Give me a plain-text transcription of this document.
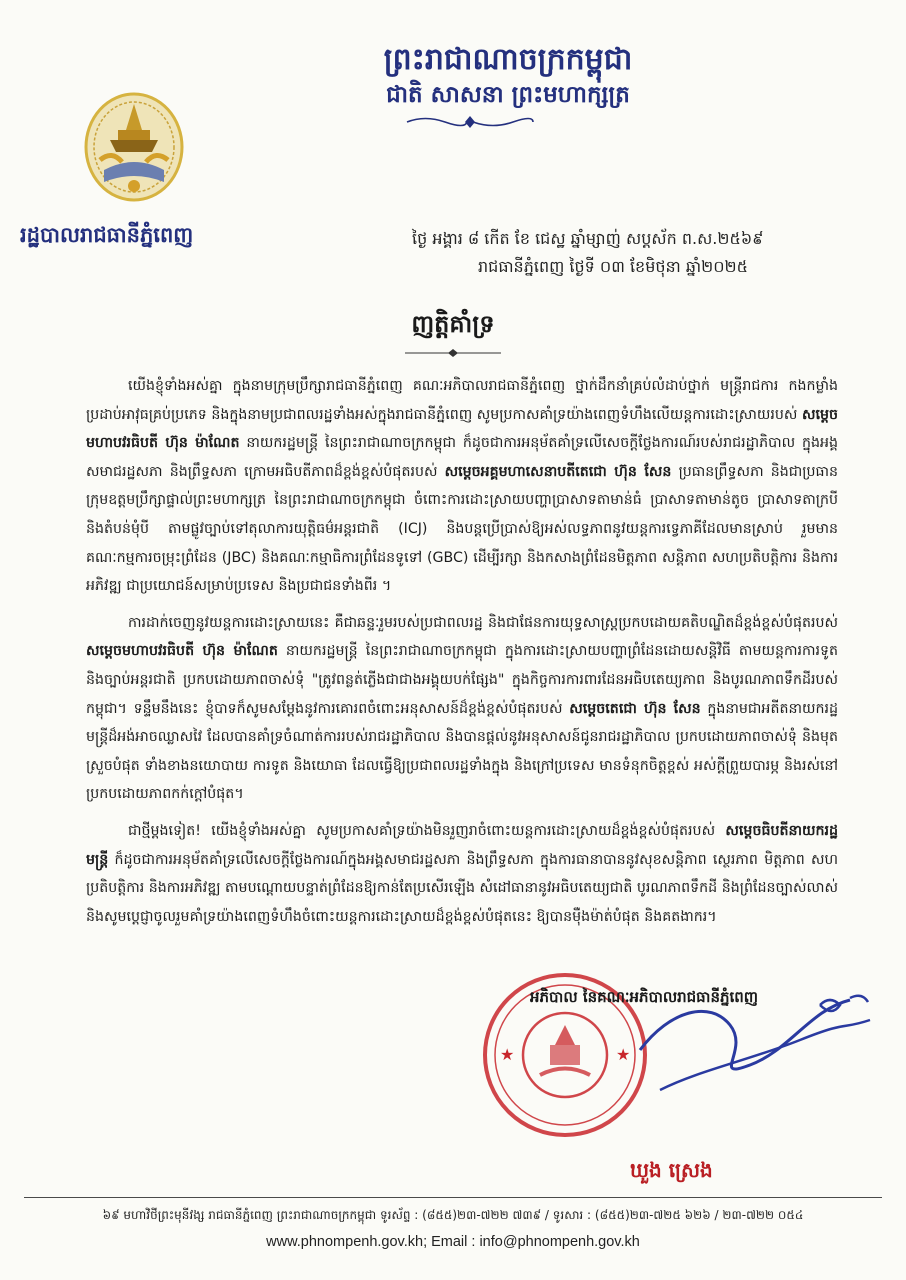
ព្រះរាជាណាចក្រកម្ពុជា
ជាតិ សាសនា ព្រះមហាក្សត្រ
រដ្ឋបាលរាជធានីភ្នំពេញ	ថ្ងៃ អង្គារ ៨ កើត ខែ ជេស្ឋ ឆ្នាំម្សាញ់ សប្តស័ក ព.ស.២៥៦៩
រាជធានីភ្នំពេញ ថ្ងៃទី ០៣ ខែមិថុនា ឆ្នាំ២០២៥
ញត្តិគាំទ្រ

យើងខ្ញុំទាំងអស់គ្នា ក្នុងនាមក្រុមប្រឹក្សារាជធានីភ្នំពេញ គណៈអភិបាលរាជធានីភ្នំពេញ ថ្នាក់ដឹកនាំគ្រប់លំដាប់ថ្នាក់ មន្ត្រីរាជការ កងកម្លាំងប្រដាប់អាវុធគ្រប់ប្រភេទ និងក្នុងនាមប្រជាពលរដ្ឋទាំងអស់ក្នុងរាជធានីភ្នំពេញ សូមប្រកាសគាំទ្រយ៉ាងពេញទំហឹងលើយន្តការដោះស្រាយរបស់ សម្តេចមហាបវរធិបតី ហ៊ុន ម៉ាណែត នាយករដ្ឋមន្ត្រី នៃព្រះរាជាណាចក្រកម្ពុជា ក៏ដូចជាការអនុម័តគាំទ្រលើសេចក្តីថ្លែងការណ៍របស់រាជរដ្ឋាភិបាល ក្នុងអង្គសមាជរដ្ឋសភា និងព្រឹទ្ធសភា ក្រោមអធិបតីភាពដ៏ខ្ពង់ខ្ពស់បំផុតរបស់ សម្តេចអគ្គមហាសេនាបតីតេជោ ហ៊ុន សែន ប្រធានព្រឹទ្ធសភា និងជាប្រធានក្រុមឧត្តមប្រឹក្សាផ្ទាល់ព្រះមហាក្សត្រ នៃព្រះរាជាណាចក្រកម្ពុជា ចំពោះការដោះស្រាយបញ្ហាប្រាសាទតាមាន់ធំ ប្រាសាទតាមាន់តូច ប្រាសាទតាក្របី និងតំបន់មុំបី តាមផ្លូវច្បាប់ទៅតុលាការយុត្តិធម៌អន្តរជាតិ (ICJ) និងបន្តប្រើប្រាស់ឱ្យអស់លទ្ធភាពនូវយន្តការទ្វេភាគីដែលមានស្រាប់ រួមមាន គណៈកម្មការចម្រុះព្រំដែន (JBC) និងគណៈកម្មាធិការព្រំដែនទូទៅ (GBC) ដើម្បីរក្សា និងកសាងព្រំដែនមិត្តភាព សន្តិភាព សហប្រតិបត្តិការ និងការអភិវឌ្ឍ ជាប្រយោជន៍សម្រាប់ប្រទេស និងប្រជាជនទាំងពីរ ។

ការដាក់ចេញនូវយន្តការដោះស្រាយនេះ គឺជាឆន្ទៈរួមរបស់ប្រជាពលរដ្ឋ និងជាផែនការយុទ្ធសាស្ត្រប្រកបដោយគតិបណ្ឌិតដ៏ខ្ពង់ខ្ពស់បំផុតរបស់ សម្តេចមហាបវរធិបតី ហ៊ុន ម៉ាណែត នាយករដ្ឋមន្ត្រី នៃព្រះរាជាណាចក្រកម្ពុជា ក្នុងការដោះស្រាយបញ្ហាព្រំដែនដោយសន្តិវិធី តាមយន្តការការទូត និងច្បាប់អន្តរជាតិ ប្រកបដោយភាពចាស់ទុំ "ត្រូវពន្លត់ភ្លើងជាជាងអង្គុយបក់ផ្សែង" ក្នុងកិច្ចការការពារដែនអធិបតេយ្យភាព និងបូរណភាពទឹកដីរបស់កម្ពុជា។ ទន្ទឹមនឹងនេះ ខ្ញុំបាទក៏សូមសម្តែងនូវការគោរពចំពោះអនុសាសន៍ដ៏ខ្ពង់ខ្ពស់បំផុតរបស់ សម្តេចតេជោ ហ៊ុន សែន ក្នុងនាមជាអតីតនាយករដ្ឋមន្ត្រីដ៏អង់អាចឈ្លាសវៃ ដែលបានគាំទ្រចំណាត់ការរបស់រាជរដ្ឋាភិបាល និងបានផ្តល់នូវអនុសាសន៍ជូនរាជរដ្ឋាភិបាល ប្រកបដោយភាពចាស់ទុំ និងមុតស្រួចបំផុត ទាំងខាងនយោបាយ ការទូត និងយោធា ដែលធ្វើឱ្យប្រជាពលរដ្ឋទាំងក្នុង និងក្រៅប្រទេស មានទំនុកចិត្តខ្ពស់ អស់ក្តីព្រួយបារម្ភ និងរស់នៅប្រកបដោយភាពកក់ក្តៅបំផុត។

ជាថ្មីម្តងទៀត! យើងខ្ញុំទាំងអស់គ្នា សូមប្រកាសគាំទ្រយ៉ាងមិនរួញរាចំពោះយន្តការដោះស្រាយដ៏ខ្ពង់ខ្ពស់បំផុតរបស់ សម្តេចធិបតីនាយករដ្ឋមន្ត្រី ក៏ដូចជាការអនុម័តគាំទ្រលើសេចក្តីថ្លែងការណ៍ក្នុងអង្គសមាជរដ្ឋសភា និងព្រឹទ្ធសភា ក្នុងការធានាបាននូវសុខសន្តិភាព ស្ថេរភាព មិត្តភាព សហប្រតិបត្តិការ និងការអភិវឌ្ឍ តាមបណ្តោយបន្ទាត់ព្រំដែនឱ្យកាន់តែប្រសើរឡើង សំដៅធានានូវអធិបតេយ្យជាតិ បូរណភាពទឹកដី និងព្រំដែនច្បាស់លាស់ និងសូមប្តេជ្ញាចូលរួមគាំទ្រយ៉ាងពេញទំហឹងចំពោះយន្តការដោះស្រាយដ៏ខ្ពង់ខ្ពស់បំផុតនេះ ឱ្យបានម៉ឺងម៉ាត់បំផុត និងគតងាករ។

★	★
អភិបាល នៃគណៈអភិបាលរាជធានីភ្នំពេញ
ឃួង ស្រេង
៦៩ មហាវិថីព្រះមុនីវង្ស រាជធានីភ្នំពេញ ព្រះរាជាណាចក្រកម្ពុជា ទូរស័ព្ទ : (៨៥៥)២៣-៧២២ ៧៣៩ / ទូរសារ : (៨៥៥)២៣-៧២៥ ៦២៦ / ២៣-៧២២ ០៥៤
www.phnompenh.gov.kh; Email : info@phnompenh.gov.kh
